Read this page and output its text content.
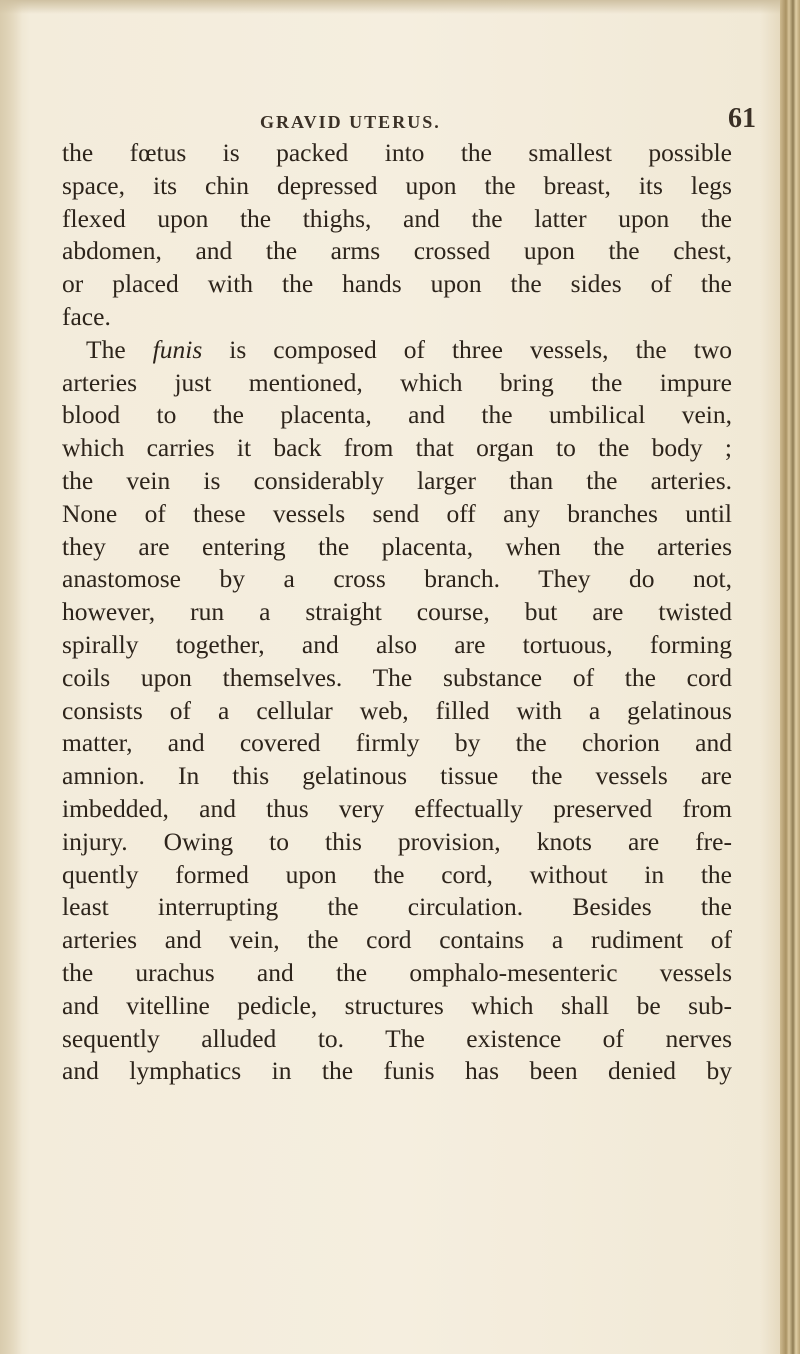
GRAVID UTERUS.	61
the fœtus is packed into the smallest possible
space, its chin depressed upon the breast, its legs
flexed upon the thighs, and the latter upon the
abdomen, and the arms crossed upon the chest,
or placed with the hands upon the sides of the
face.
The funis is composed of three vessels, the two
arteries just mentioned, which bring the impure
blood to the placenta, and the umbilical vein,
which carries it back from that organ to the body ;
the vein is considerably larger than the arteries.
None of these vessels send off any branches until
they are entering the placenta, when the arteries
anastomose by a cross branch. They do not,
however, run a straight course, but are twisted
spirally together, and also are tortuous, forming
coils upon themselves. The substance of the cord
consists of a cellular web, filled with a gelatinous
matter, and covered firmly by the chorion and
amnion. In this gelatinous tissue the vessels are
imbedded, and thus very effectually preserved from
injury. Owing to this provision, knots are fre-
quently formed upon the cord, without in the
least interrupting the circulation. Besides the
arteries and vein, the cord contains a rudiment of
the urachus and the omphalo-mesenteric vessels
and vitelline pedicle, structures which shall be sub-
sequently alluded to. The existence of nerves
and lymphatics in the funis has been denied by
